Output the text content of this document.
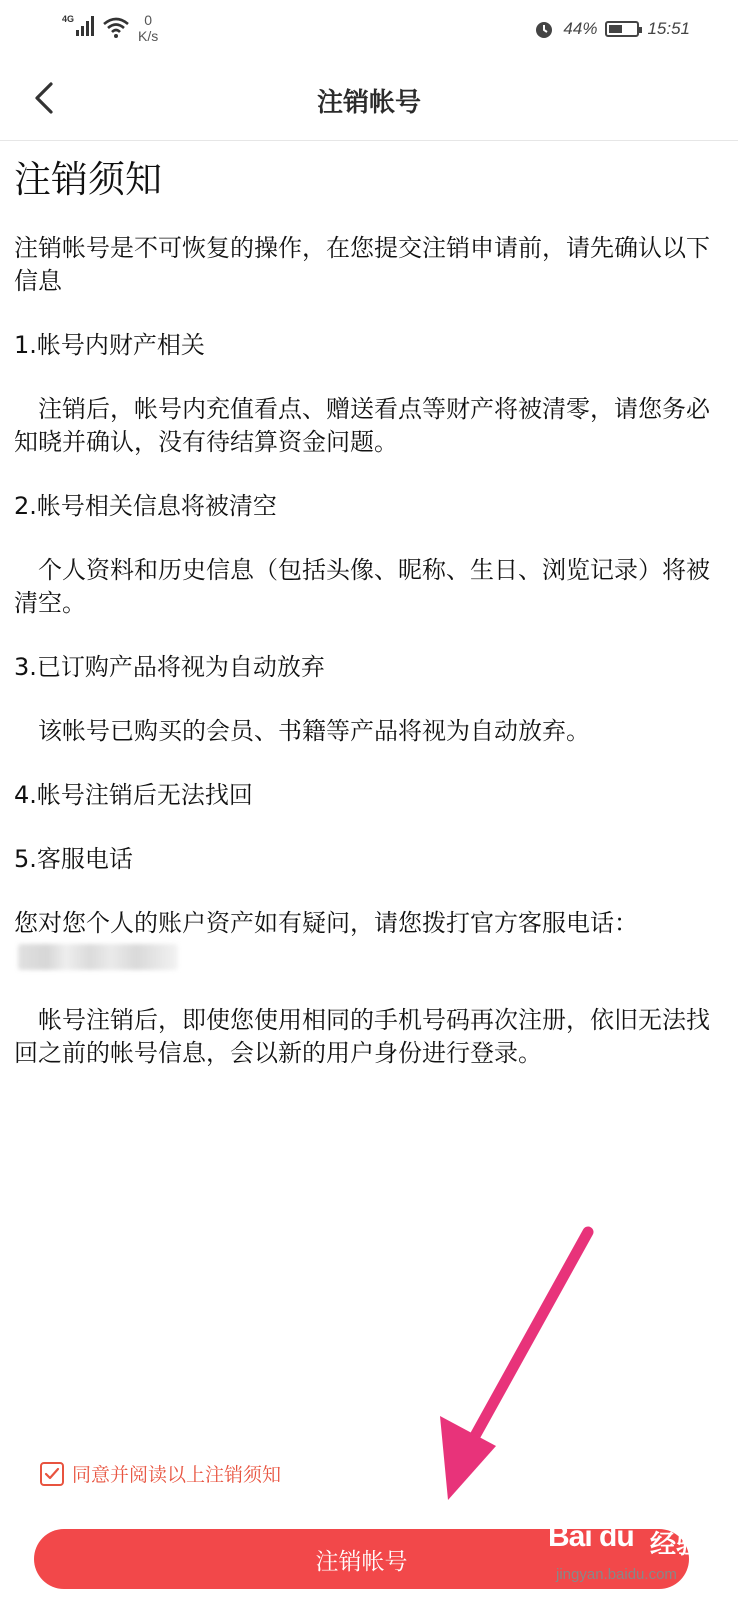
4G	0
K/s	44%	15:51
注销帐号
注销须知

注销帐号是不可恢复的操作，在您提交注销申请前，请先确认以下信息

1.帐号内财产相关

注销后，帐号内充值看点、赠送看点等财产将被清零，请您务必知晓并确认，没有待结算资金问题。

2.帐号相关信息将被清空

个人资料和历史信息（包括头像、昵称、生日、浏览记录）将被清空。

3.已订购产品将视为自动放弃

该帐号已购买的会员、书籍等产品将视为自动放弃。

4.帐号注销后无法找回

5.客服电话

您对您个人的账户资产如有疑问，请您拨打官方客服电话：

帐号注销后，即使您使用相同的手机号码再次注册，依旧无法找回之前的帐号信息，会以新的用户身份进行登录。

同意并阅读以上注销须知
注销帐号
Bai du 经验
jingyan.baidu.com
